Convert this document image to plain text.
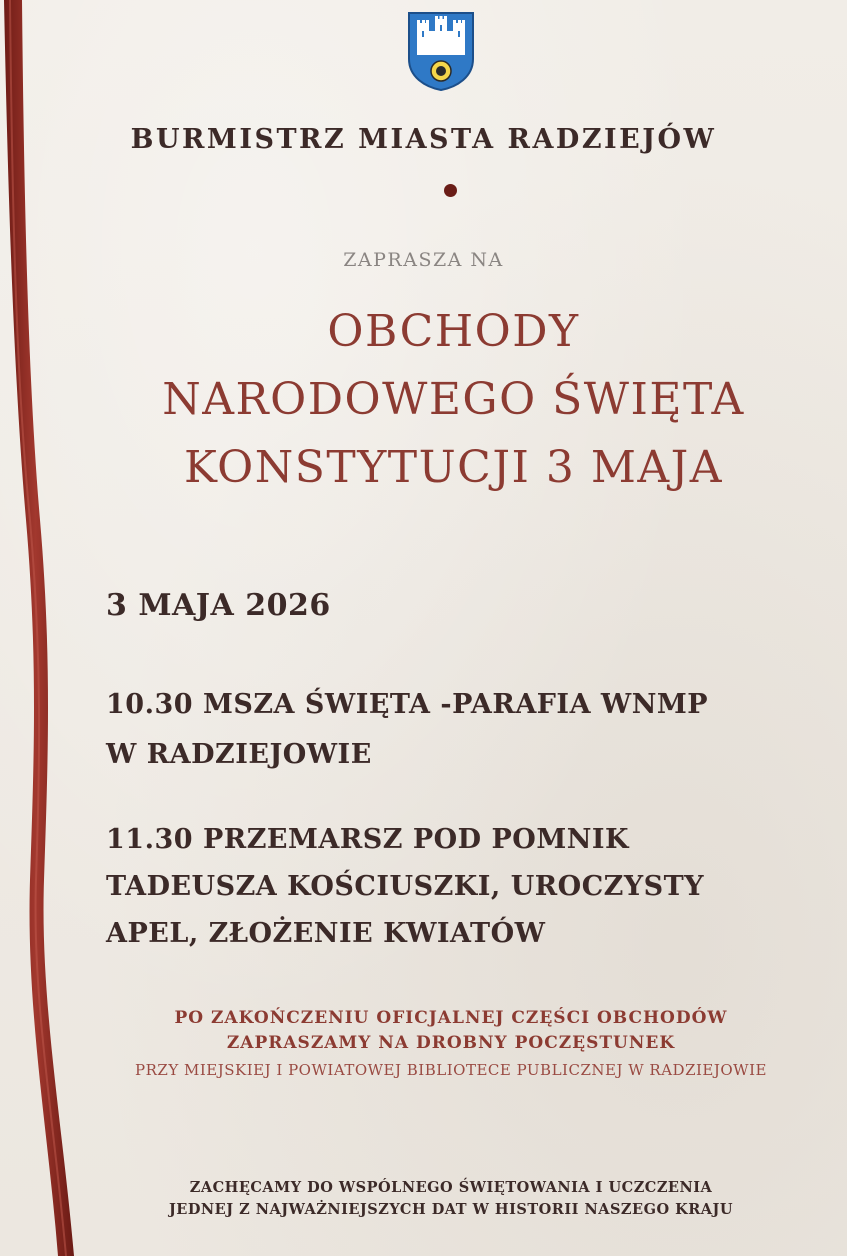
BURMISTRZ MIASTA RADZIEJÓW
ZAPRASZA NA
OBCHODY
NARODOWEGO ŚWIĘTA
KONSTYTUCJI 3 MAJA
3 MAJA 2026
10.30 MSZA ŚWIĘTA -PARAFIA WNMP
W RADZIEJOWIE
11.30 PRZEMARSZ POD POMNIK
TADEUSZA KOŚCIUSZKI, UROCZYSTY
APEL, ZŁOŻENIE KWIATÓW
PO ZAKOŃCZENIU OFICJALNEJ CZĘŚCI OBCHODÓW
ZAPRASZAMY NA DROBNY POCZĘSTUNEK
PRZY MIEJSKIEJ I POWIATOWEJ BIBLIOTECE PUBLICZNEJ W RADZIEJOWIE
ZACHĘCAMY DO WSPÓLNEGO ŚWIĘTOWANIA I UCZCZENIA
JEDNEJ Z NAJWAŻNIEJSZYCH DAT W HISTORII NASZEGO KRAJU
